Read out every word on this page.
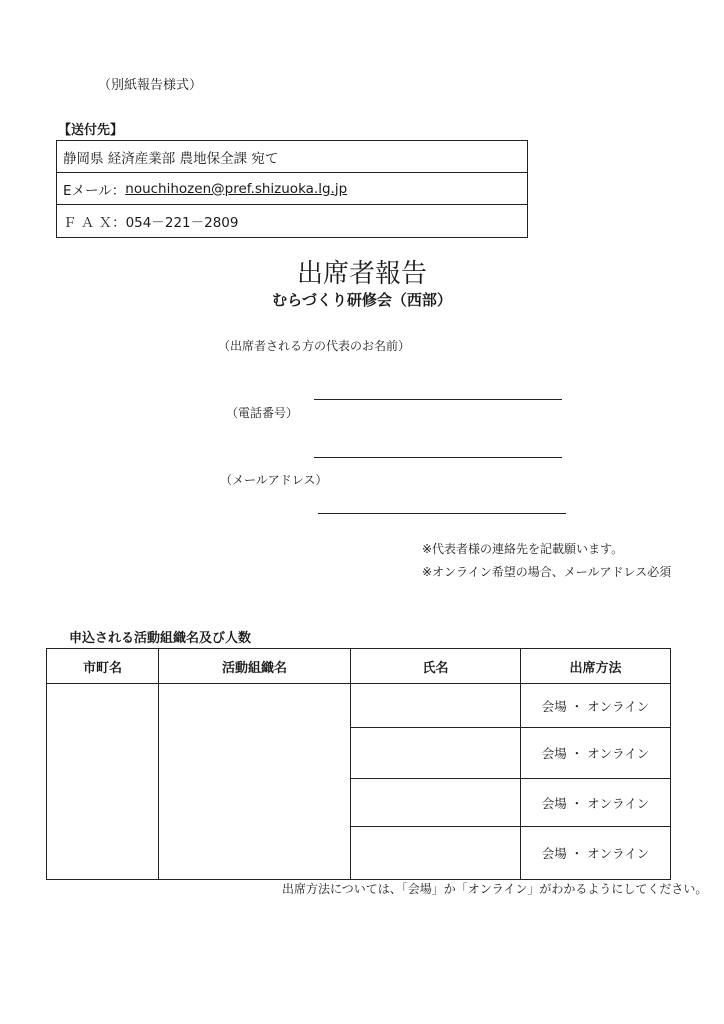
（別紙報告様式）
【送付先】
静岡県 経済産業部 農地保全課 宛て
Eメール： nouchihozen@pref.shizuoka.lg.jp
Ｆ Ａ Ｘ：054－221－2809
出席者報告
むらづくり研修会（西部）
（出席者される方の代表のお名前）
（電話番号）
（メールアドレス）
※代表者様の連絡先を記載願います。
※オンライン希望の場合、メールアドレス必須
申込される活動組織名及び人数
市町名	活動組織名	氏名	出席方法
			会場 ・ オンライン
			会場 ・ オンライン
			会場 ・ オンライン
			会場 ・ オンライン
出席方法については、「会場」か「オンライン」がわかるようにしてください。
